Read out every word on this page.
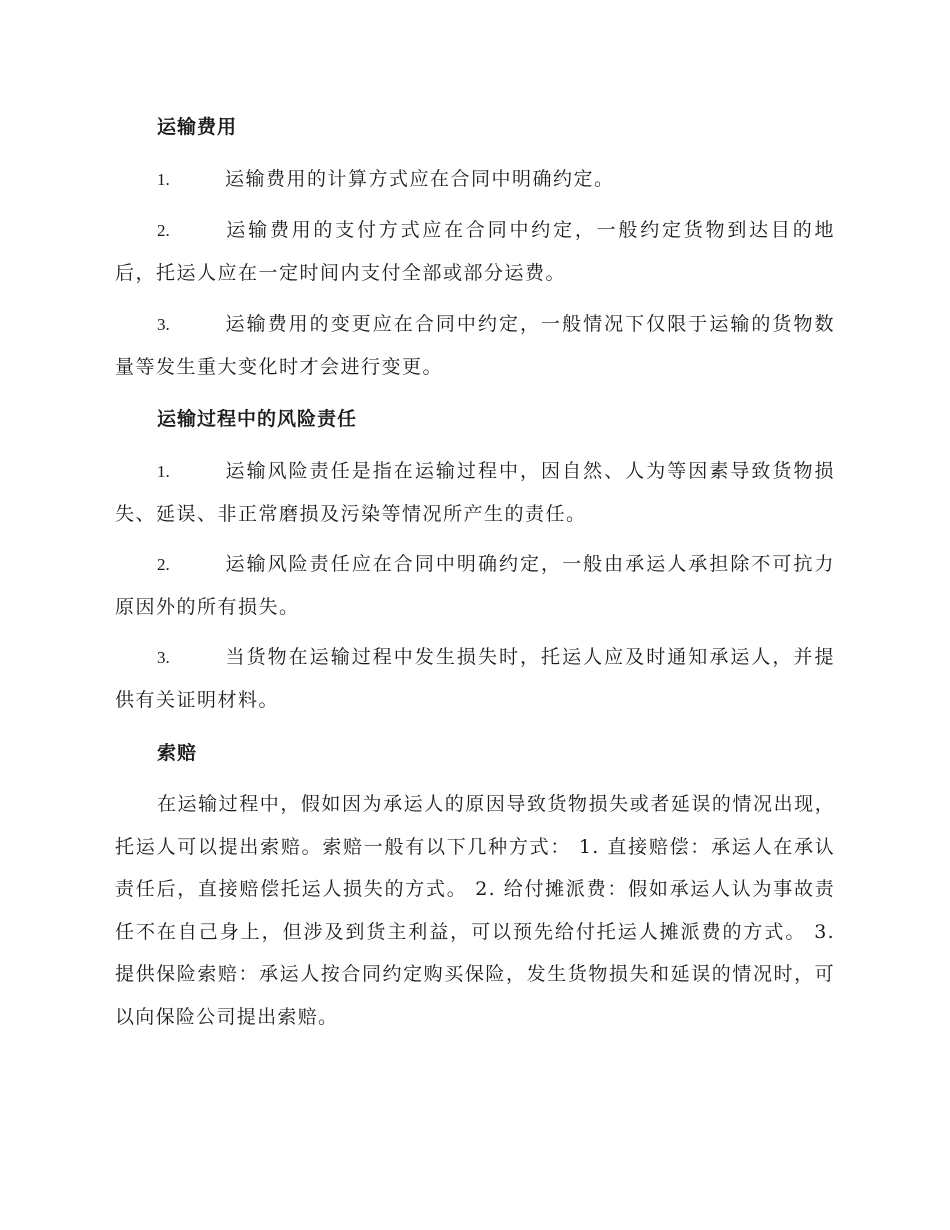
运输费用
1.	运输费用的计算方式应在合同中明确约定。
2.	运输费用的支付方式应在合同中约定，一般约定货物到达目的地后，托运人应在一定时间内支付全部或部分运费。
3.	运输费用的变更应在合同中约定，一般情况下仅限于运输的货物数量等发生重大变化时才会进行变更。
运输过程中的风险责任
1.	运输风险责任是指在运输过程中，因自然、人为等因素导致货物损失、延误、非正常磨损及污染等情况所产生的责任。
2.	运输风险责任应在合同中明确约定，一般由承运人承担除不可抗力原因外的所有损失。
3.	当货物在运输过程中发生损失时，托运人应及时通知承运人，并提供有关证明材料。
索赔
在运输过程中，假如因为承运人的原因导致货物损失或者延误的情况出现，托运人可以提出索赔。索赔一般有以下几种方式： 1. 直接赔偿：承运人在承认责任后，直接赔偿托运人损失的方式。 2. 给付摊派费：假如承运人认为事故责任不在自己身上，但涉及到货主利益，可以预先给付托运人摊派费的方式。 3. 提供保险索赔：承运人按合同约定购买保险，发生货物损失和延误的情况时，可以向保险公司提出索赔。
